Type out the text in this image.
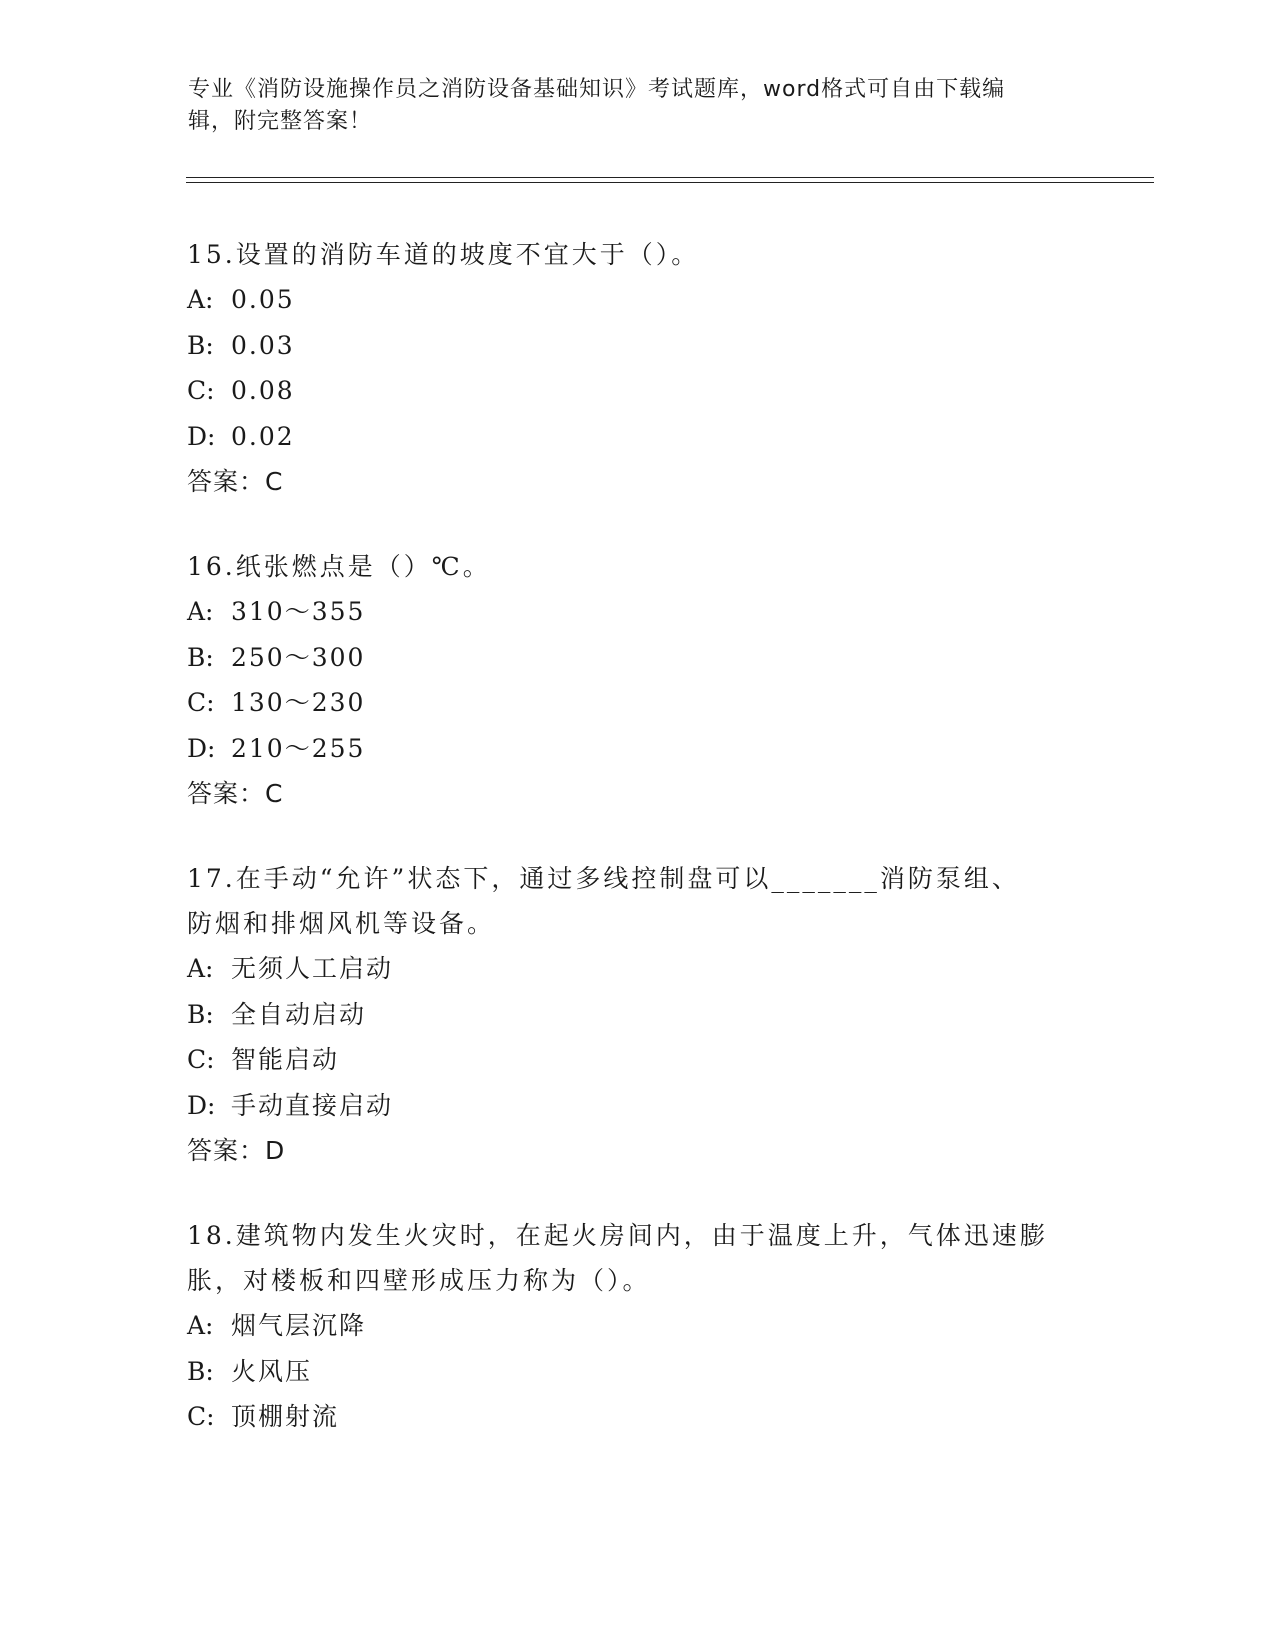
专业《消防设施操作员之消防设备基础知识》考试题库，word格式可自由下载编
辑，附完整答案！
15.设置的消防车道的坡度不宜大于（）。
A: 0.05
B: 0.03
C: 0.08
D: 0.02
答案：C
16.纸张燃点是（）℃。
A: 310～355
B: 250～300
C: 130～230
D: 210～255
答案：C
17.在手动“允许”状态下，通过多线控制盘可以_______消防泵组、
防烟和排烟风机等设备。
A: 无须人工启动
B: 全自动启动
C: 智能启动
D: 手动直接启动
答案：D
18.建筑物内发生火灾时，在起火房间内，由于温度上升，气体迅速膨
胀，对楼板和四壁形成压力称为（）。
A: 烟气层沉降
B: 火风压
C: 顶棚射流
